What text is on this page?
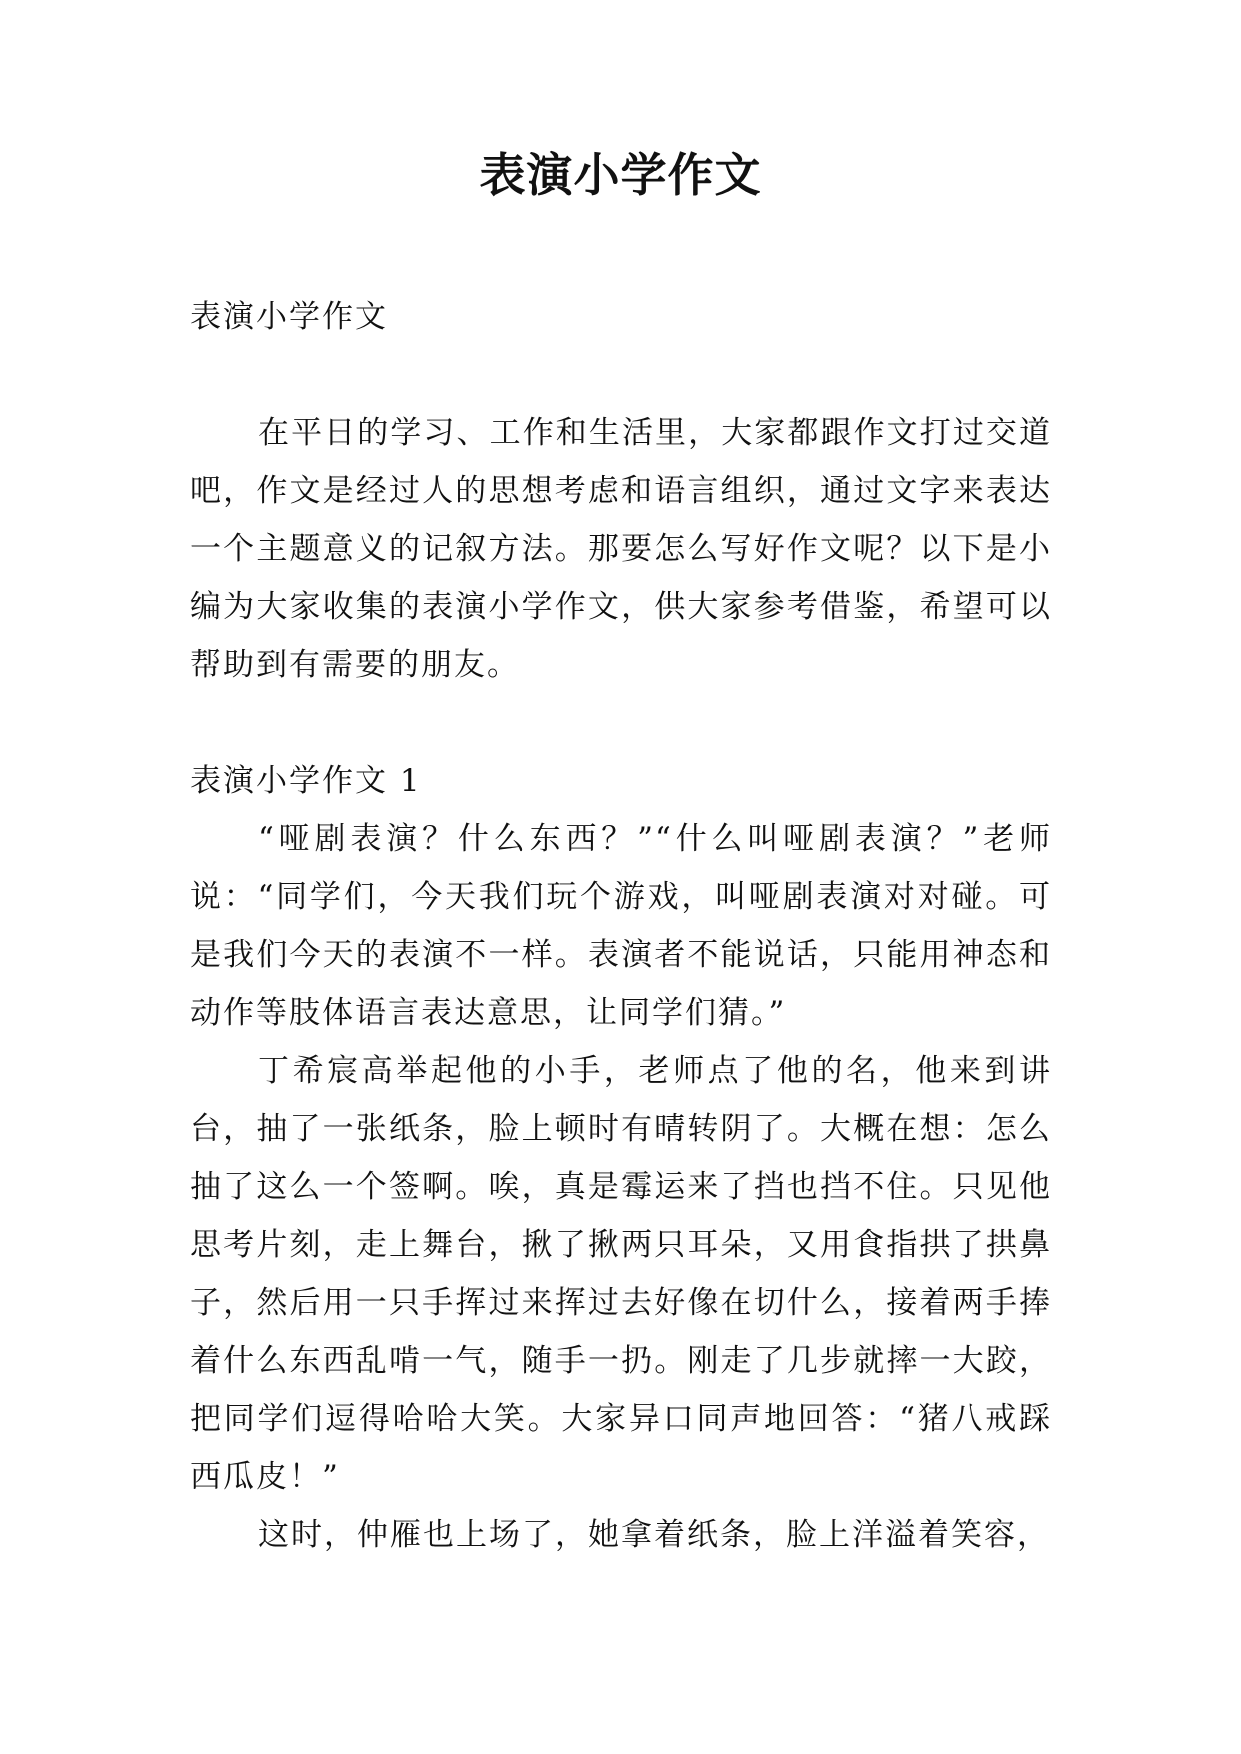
表演小学作文

表演小学作文

在平日的学习、工作和生活里，大家都跟作文打过交道吧，作文是经过人的思想考虑和语言组织，通过文字来表达一个主题意义的记叙方法。那要怎么写好作文呢？以下是小编为大家收集的表演小学作文，供大家参考借鉴，希望可以帮助到有需要的朋友。

表演小学作文 1

“哑剧表演？什么东西？”“什么叫哑剧表演？”老师说：“同学们，今天我们玩个游戏，叫哑剧表演对对碰。可是我们今天的表演不一样。表演者不能说话，只能用神态和动作等肢体语言表达意思，让同学们猜。”

丁希宸高举起他的小手，老师点了他的名，他来到讲台，抽了一张纸条，脸上顿时有晴转阴了。大概在想：怎么抽了这么一个签啊。唉，真是霉运来了挡也挡不住。只见他思考片刻，走上舞台，揪了揪两只耳朵，又用食指拱了拱鼻子，然后用一只手挥过来挥过去好像在切什么，接着两手捧着什么东西乱啃一气，随手一扔。刚走了几步就摔一大跤，把同学们逗得哈哈大笑。大家异口同声地回答：“猪八戒踩西瓜皮！”

这时，仲雁也上场了，她拿着纸条，脸上洋溢着笑容，
